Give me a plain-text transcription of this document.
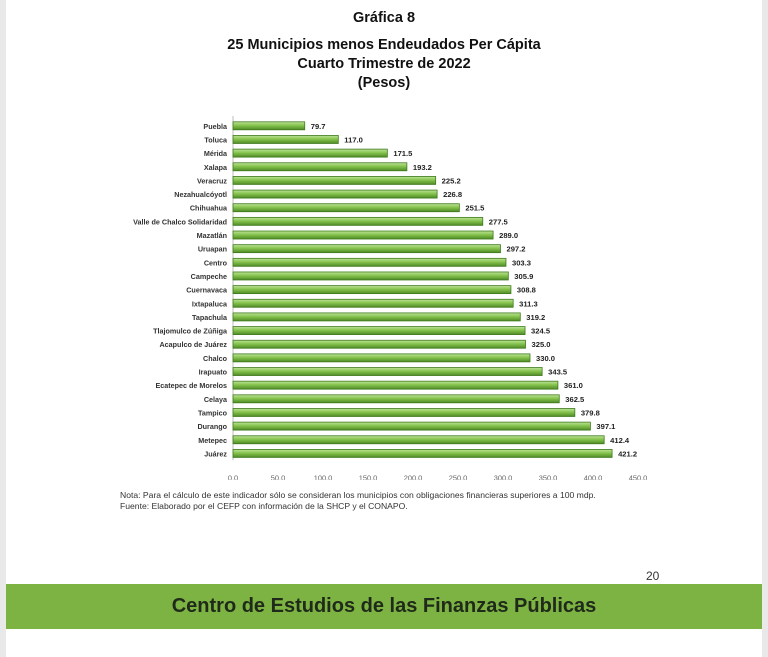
Gráfica 8
25 Municipios menos Endeudados Per Cápita
Cuarto Trimestre de 2022
(Pesos)
Puebla	79.7
Toluca	117.0
Mérida	171.5
Xalapa	193.2
Veracruz	225.2
Nezahualcóyotl	226.8
Chihuahua	251.5
Valle de Chalco Solidaridad	277.5
Mazatlán	289.0
Uruapan	297.2
Centro	303.3
Campeche	305.9
Cuernavaca	308.8
Ixtapaluca	311.3
Tapachula	319.2
Tlajomulco de Zúñiga	324.5
Acapulco de Juárez	325.0
Chalco	330.0
Irapuato	343.5
Ecatepec de Morelos	361.0
Celaya	362.5
Tampico	379.8
Durango	397.1
Metepec	412.4
Juárez	421.2
0.0	50.0	100.0	150.0	200.0	250.0	300.0	350.0	400.0	450.0
Nota: Para el cálculo de este indicador sólo se consideran los municipios con obligaciones financieras superiores a 100 mdp.
Fuente: Elaborado por el CEFP con información de la SHCP y el CONAPO.
20
Centro de Estudios de las Finanzas Públicas
